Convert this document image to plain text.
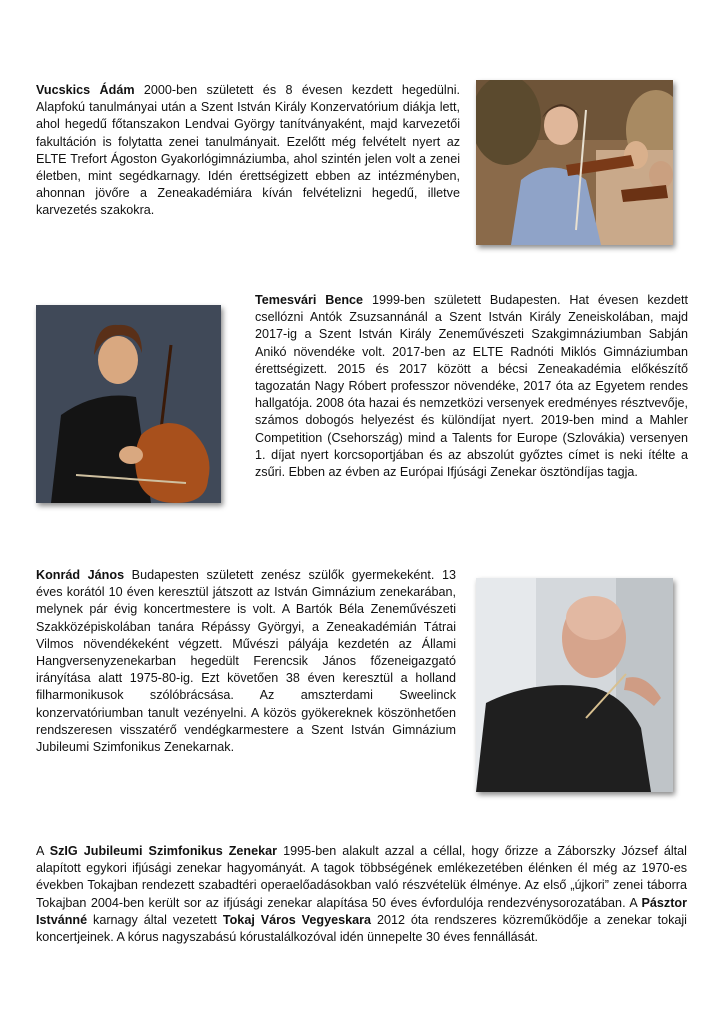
Vucskics Ádám 2000-ben született és 8 évesen kezdett hegedülni. Alapfokú tanulmányai után a Szent István Király Konzervatórium diákja lett, ahol hegedű főtanszakon Lendvai György tanítványaként, majd karvezetői fakultáción is folytatta zenei tanulmányait. Ezelőtt még felvételt nyert az ELTE Trefort Ágoston Gyakorlógimnáziumba, ahol szintén jelen volt a zenei életben, mint segédkarnagy. Idén érettségizett ebben az intézményben, ahonnan jövőre a Zeneakadémiára kíván felvételizni hegedű, illetve karvezetés szakokra.

Temesvári Bence 1999-ben született Budapesten. Hat évesen kezdett csellózni Antók Zsuzsannánál a Szent István Király Zeneiskolában, majd 2017-ig a Szent István Király Zeneművészeti Szakgimnáziumban Sabján Anikó növendéke volt. 2017-ben az ELTE Radnóti Miklós Gimnáziumban érettségizett. 2015 és 2017 között a bécsi Zeneakadémia előkészítő tagozatán Nagy Róbert professzor növendéke, 2017 óta az Egyetem rendes hallgatója. 2008 óta hazai és nemzetközi versenyek eredményes résztvevője, számos dobogós helyezést és különdíjat nyert. 2019-ben mind a Mahler Competition (Csehország) mind a Talents for Europe (Szlovákia) versenyen 1. díjat nyert korcsoportjában és az abszolút győztes címet is neki ítélte a zsűri. Ebben az évben az Európai Ifjúsági Zenekar ösztöndíjas tagja.

Konrád János Budapesten született zenész szülők gyermekeként. 13 éves korától 10 éven keresztül játszott az István Gimnázium zenekarában, melynek pár évig koncertmestere is volt. A Bartók Béla Zeneművészeti Szakközépiskolában tanára Répássy Györgyi, a Zeneakadémián Tátrai Vilmos növendékeként végzett. Művészi pályája kezdetén az Állami Hangversenyzenekarban hegedült Ferencsik János főzeneigazgató irányítása alatt 1975-80-ig. Ezt követően 38 éven keresztül a holland filharmonikusok szólóbrácsása. Az amszterdami Sweelinck konzervatóriumban tanult vezényelni. A közös gyökereknek köszönhetően rendszeresen visszatérő vendégkarmestere a Szent István Gimnázium Jubileumi Szimfonikus Zenekarnak.

A SzIG Jubileumi Szimfonikus Zenekar 1995-ben alakult azzal a céllal, hogy őrizze a Záborszky József által alapított egykori ifjúsági zenekar hagyományát. A tagok többségének emlékezetében élénken él még az 1970-es években Tokajban rendezett szabadtéri operaelőadásokban való részvételük élménye. Az első „újkori” zenei táborra Tokajban 2004-ben került sor az ifjúsági zenekar alapítása 50 éves évfordulója rendezvénysorozatában. A Pásztor Istvánné karnagy által vezetett Tokaj Város Vegyeskara 2012 óta rendszeres közreműködője a zenekar tokaji koncertjeinek. A kórus nagyszabású kórustalálkozóval idén ünnepelte 30 éves fennállását.
